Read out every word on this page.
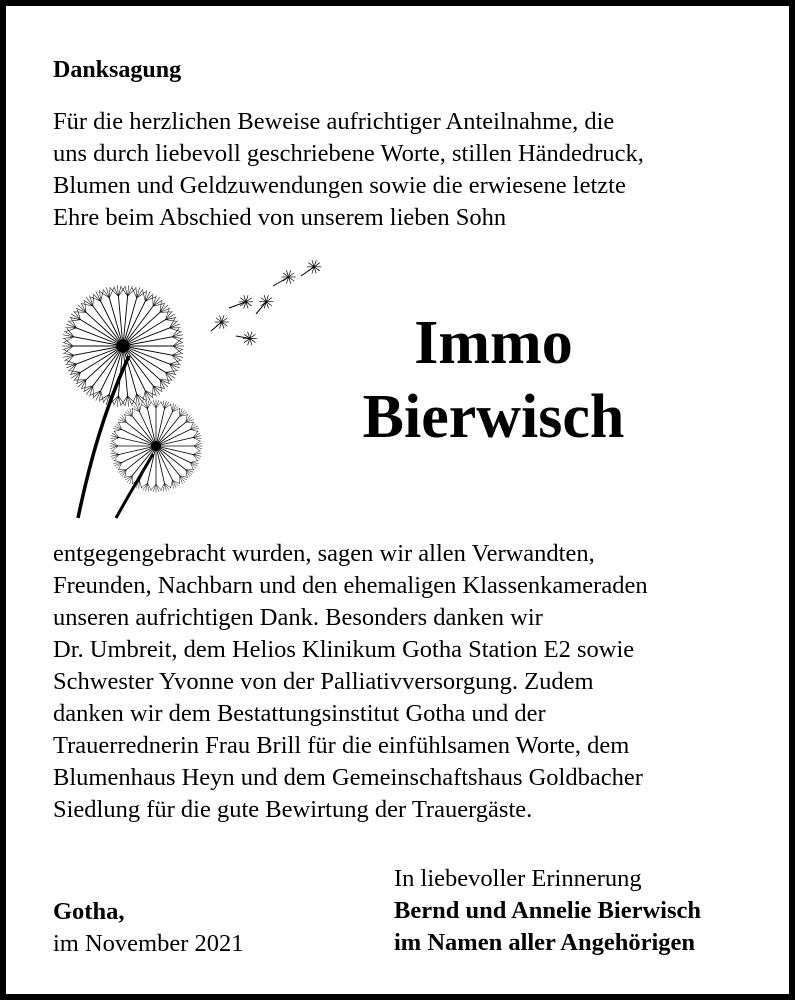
Danksagung

Für die herzlichen Beweise aufrichtiger Anteilnahme, die
uns durch liebevoll geschriebene Worte, stillen Händedruck,
Blumen und Geldzuwendungen sowie die erwiesene letzte
Ehre beim Abschied von unserem lieben Sohn

Immo
Bierwisch

entgegengebracht wurden, sagen wir allen Verwandten,
Freunden, Nachbarn und den ehemaligen Klassenkameraden
unseren aufrichtigen Dank. Besonders danken wir
Dr. Umbreit, dem Helios Klinikum Gotha Station E2 sowie
Schwester Yvonne von der Palliativversorgung. Zudem
danken wir dem Bestattungsinstitut Gotha und der
Trauerrednerin Frau Brill für die einfühlsamen Worte, dem
Blumenhaus Heyn und dem Gemeinschaftshaus Goldbacher
Siedlung für die gute Bewirtung der Trauergäste.

Gotha,
im November 2021
In liebevoller Erinnerung
Bernd und Annelie Bierwisch
im Namen aller Angehörigen
